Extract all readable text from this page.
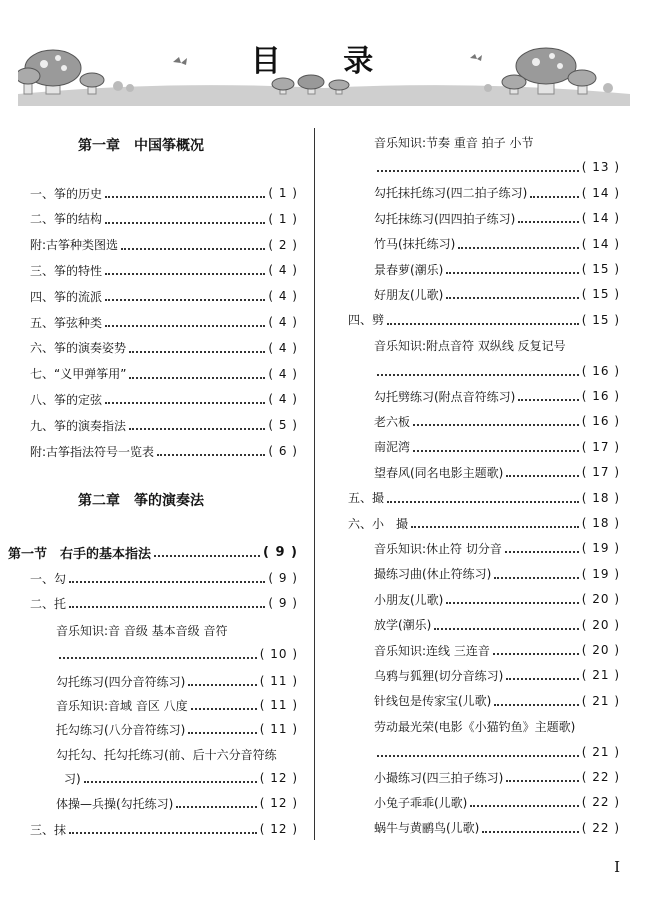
目 录
第一章　中国筝概况
一、筝的历史	( 1 )
二、筝的结构	( 1 )
附:古筝种类图选	( 2 )
三、筝的特性	( 4 )
四、筝的流派	( 4 )
五、筝弦种类	( 4 )
六、筝的演奏姿势	( 4 )
七、“义甲弹筝用”	( 4 )
八、筝的定弦	( 4 )
九、筝的演奏指法	( 5 )
附:古筝指法符号一览表	( 6 )
第二章　筝的演奏法
第一节　右手的基本指法	( 9 )
一、勾	( 9 )
二、托	( 9 )
音乐知识:音 音级 基本音级 音符
( 10 )
勾托练习(四分音符练习)	( 11 )
音乐知识:音域 音区 八度	( 11 )
托勾练习(八分音符练习)	( 11 )
勾托勾、托勾托练习(前、后十六分音符练
习)	( 12 )
体操—兵操(勾托练习)	( 12 )
三、抹	( 12 )
音乐知识:节奏 重音 拍子 小节
( 13 )
勾托抹托练习(四二拍子练习)	( 14 )
勾托抹练习(四四拍子练习)	( 14 )
竹马(抹托练习)	( 14 )
景春萝(潮乐)	( 15 )
好朋友(儿歌)	( 15 )
四、劈	( 15 )
音乐知识:附点音符 双纵线 反复记号
( 16 )
勾托劈练习(附点音符练习)	( 16 )
老六板	( 16 )
南泥湾	( 17 )
望春风(同名电影主题歌)	( 17 )
五、撮	( 18 )
六、小　撮	( 18 )
音乐知识:休止符 切分音	( 19 )
撮练习曲(休止符练习)	( 19 )
小朋友(儿歌)	( 20 )
放学(潮乐)	( 20 )
音乐知识:连线 三连音	( 20 )
乌鸦与狐狸(切分音练习)	( 21 )
针线包是传家宝(儿歌)	( 21 )
劳动最光荣(电影《小猫钓鱼》主题歌)
( 21 )
小撮练习(四三拍子练习)	( 22 )
小兔子乖乖(儿歌)	( 22 )
蜗牛与黄鹂鸟(儿歌)	( 22 )
I
